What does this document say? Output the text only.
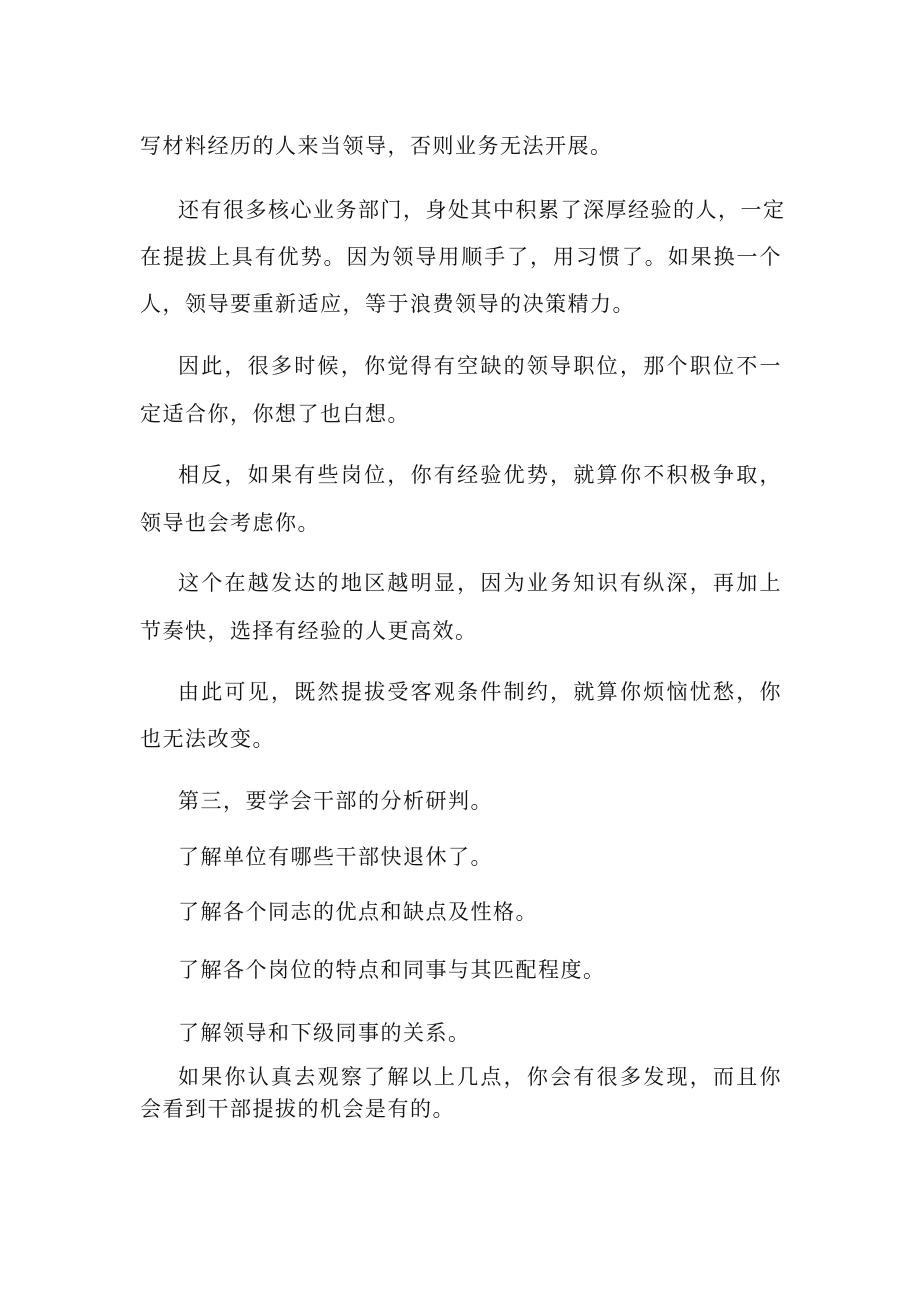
写材料经历的人来当领导，否则业务无法开展。
还有很多核心业务部门，身处其中积累了深厚经验的人，一定
在提拔上具有优势。因为领导用顺手了，用习惯了。如果换一个
人，领导要重新适应，等于浪费领导的决策精力。
因此，很多时候，你觉得有空缺的领导职位，那个职位不一
定适合你，你想了也白想。
相反，如果有些岗位，你有经验优势，就算你不积极争取，
领导也会考虑你。
这个在越发达的地区越明显，因为业务知识有纵深，再加上
节奏快，选择有经验的人更高效。
由此可见，既然提拔受客观条件制约，就算你烦恼忧愁，你
也无法改变。
第三，要学会干部的分析研判。
了解单位有哪些干部快退休了。
了解各个同志的优点和缺点及性格。
了解各个岗位的特点和同事与其匹配程度。
了解领导和下级同事的关系。
如果你认真去观察了解以上几点，你会有很多发现，而且你
会看到干部提拔的机会是有的。
